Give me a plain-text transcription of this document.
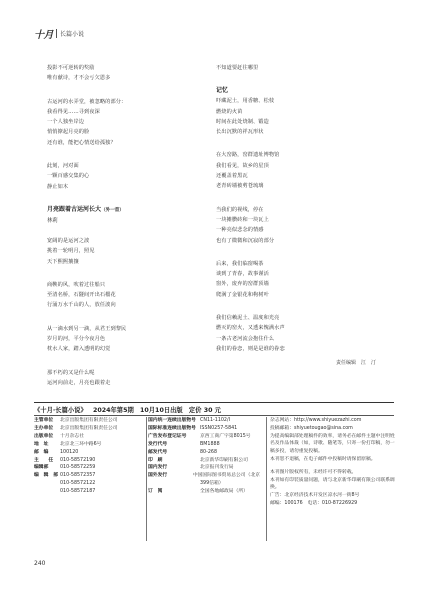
十月 长篇小说
投影不可逆转的奖励
唯有献诗，才不会亏欠恩多
古运河的水弄堂，被忽略的部分：
我看得见……寻到夜深
一个人独坐岸边
悄悄撩起月亮的脸
还有谁，能把心情送给孤独？
此刻，河对面
一颗百感交集的心
静止如木
月亮跟着古运河长大（外一首）
林莉
宽阔的是运河之波
挑着一轮明月，照见
天下熙熙攘攘
商鞅的风，吹着过往船只
至清名桥，石隧间开出石榴花
行涌万水千山的人，放任波向
从一滴水到另一滴，从君王到黎民
岁月的河，平分今夜月色
枕水人家，踏入透明的幻觉
那不朽的又是什么呢
运河向前走，月亮也跟着走
不知道要赶往哪里
记忆
吓藏泥土，用香糖、松枝
燃烧的火苗
时间在此处烧制、锻造
长出沉默的祥瓦形状
在大窑路，窑群遗址博物馆
我们看见，故乡的星顶
还覆盖着黑瓦
老青砖墙被剪苍琉璃
当我们的视线，停在
一块摊臜砖和一块瓦上
一种亮似悲念的情感
也有了微微和沉寂的部分
后来，我们临窗喝茶
谈到了青春，故事谨活
窗外，废弃的窑群顶墙
爬满了金银花和枸树叶
我们信赖泥土、温度和光亮
燃灭的窑火，又透来愧满水声
一条古老河流会抱住什么
我们的眷恋，则是是谁的眷恋
责任编辑　江　汀
《十月·长篇小说》 2024年第5期 10月10日出版 定价 30 元
主管单位	北京出版集团有限责任公司
主办单位	北京出版集团有限责任公司
出版单位	十月杂志社
地　址	北京北三环中路6号
邮　编	100120
主　　任	010-58572190
编辑部	010-58572259
编　辑　部 010-58572357
010-58572122
010-58572187
国内统一连续出版物号 CN11-1102/I
国际标准连续出版物号 ISSN0257-5841
广告发布登记证号	京西工商广字第8015号
发行代号	BM1888
邮发代号	80-268
印　刷	北京新华印刷有限公司
国内发行	北京报刊发行局
国外发行	中国国际图书贸易总公司（北京
399信箱）
订　阅	全国各地邮政局（所）
杂志网站： http://www.shiyuezazhi.com
投稿邮箱： shiyuetougao@sina.com
为提高编辑部处理稿件的效率，请务必在邮件主题中注明姓名及作品体裁（如，诗歌、随笔等，只寄一份打印稿，勿一稿多投，请勿重复投稿。
本刊恕不退稿，在电子邮件中投稿时请保留原稿。
本刊图片版权所有，未经许可不得转载。
本刊如有印装质量问题，请与北京新华印刷有限公司联系调换。
广告：北京经济技术开发区凉水河一街8号
邮编：100176　电话：010-87226929
240
